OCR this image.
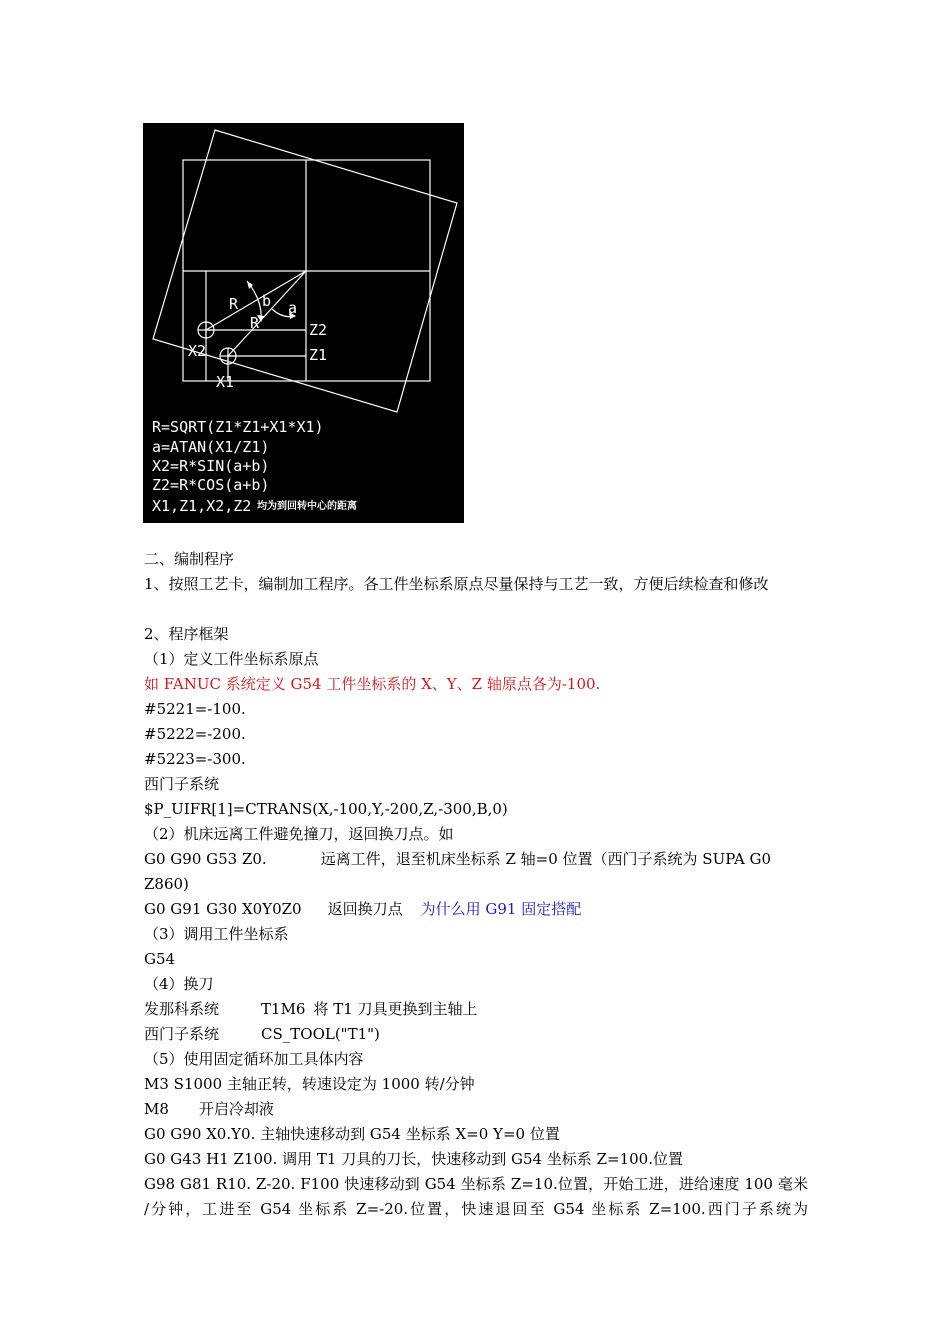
R b a
R	Z2
Z1
X2
X1
R=SQRT(Z1*Z1+X1*X1)
a=ATAN(X1/Z1)
X2=R*SIN(a+b)
Z2=R*COS(a+b)
X1,Z1,X2,Z2 均为到回转中心的距离
二、编制程序
1、按照工艺卡，编制加工程序。各工件坐标系原点尽量保持与工艺一致，方便后续检查和修改
2、程序框架
（1）定义工件坐标系原点
如 FANUC 系统定义 G54 工件坐标系的 X、Y、Z 轴原点各为-100.
#5221=-100.
#5222=-200.
#5223=-300.
西门子系统
$P_UIFR[1]=CTRANS(X,-100,Y,-200,Z,-300,B,0)
（2）机床远离工件避免撞刀，返回换刀点。如
G0 G90 G53 Z0.	远离工件，退至机床坐标系 Z 轴=0 位置（西门子系统为 SUPA G0
Z860)
G0 G91 G30 X0Y0Z0 返回换刀点 为什么用 G91 固定搭配
（3）调用工件坐标系
G54
（4）换刀
发那科系统	T1M6 将 T1 刀具更换到主轴上
西门子系统	CS_TOOL("T1")
（5）使用固定循环加工具体内容
M3 S1000 主轴正转，转速设定为 1000 转/分钟
M8 开启冷却液
G0 G90 X0.Y0. 主轴快速移动到 G54 坐标系 X=0 Y=0 位置
G0 G43 H1 Z100. 调用 T1 刀具的刀长，快速移动到 G54 坐标系 Z=100.位置
G98 G81 R10. Z-20. F100 快速移动到 G54 坐标系 Z=10.位置，开始工进，进给速度 100 毫米
/分钟，工进至 G54 坐标系 Z=-20.位置，快速退回至 G54 坐标系 Z=100.西门子系统为
